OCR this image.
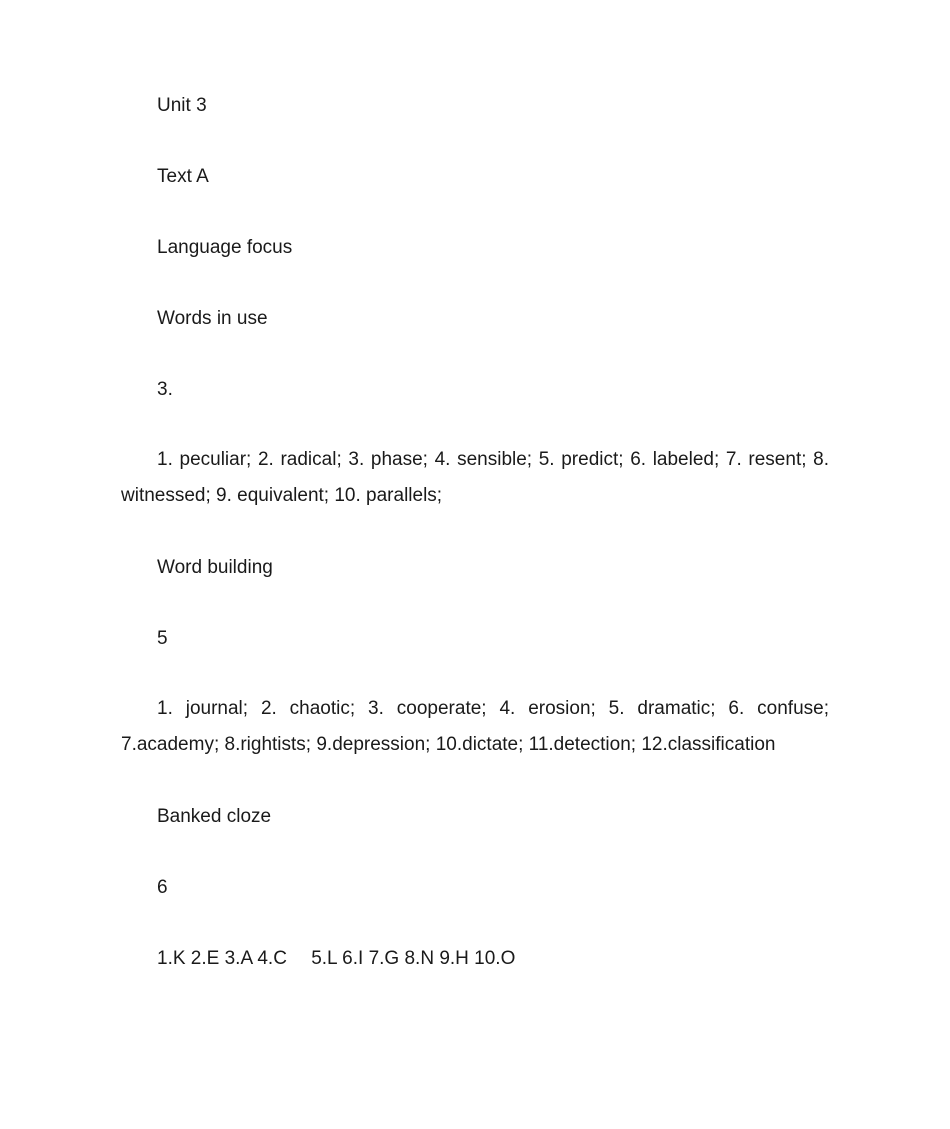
Unit 3
Text A
Language focus
Words in use
3.
1. peculiar; 2. radical; 3. phase; 4. sensible; 5. predict; 6. labeled; 7. resent; 8. witnessed; 9. equivalent; 10. parallels;
Word building
5
1. journal; 2. chaotic; 3. cooperate; 4. erosion; 5. dramatic; 6. confuse; 7.academy; 8.rightists; 9.depression; 10.dictate; 11.detection; 12.classification
Banked cloze
6
1.K 2.E 3.A 4.C　 5.L 6.I 7.G 8.N 9.H 10.O
